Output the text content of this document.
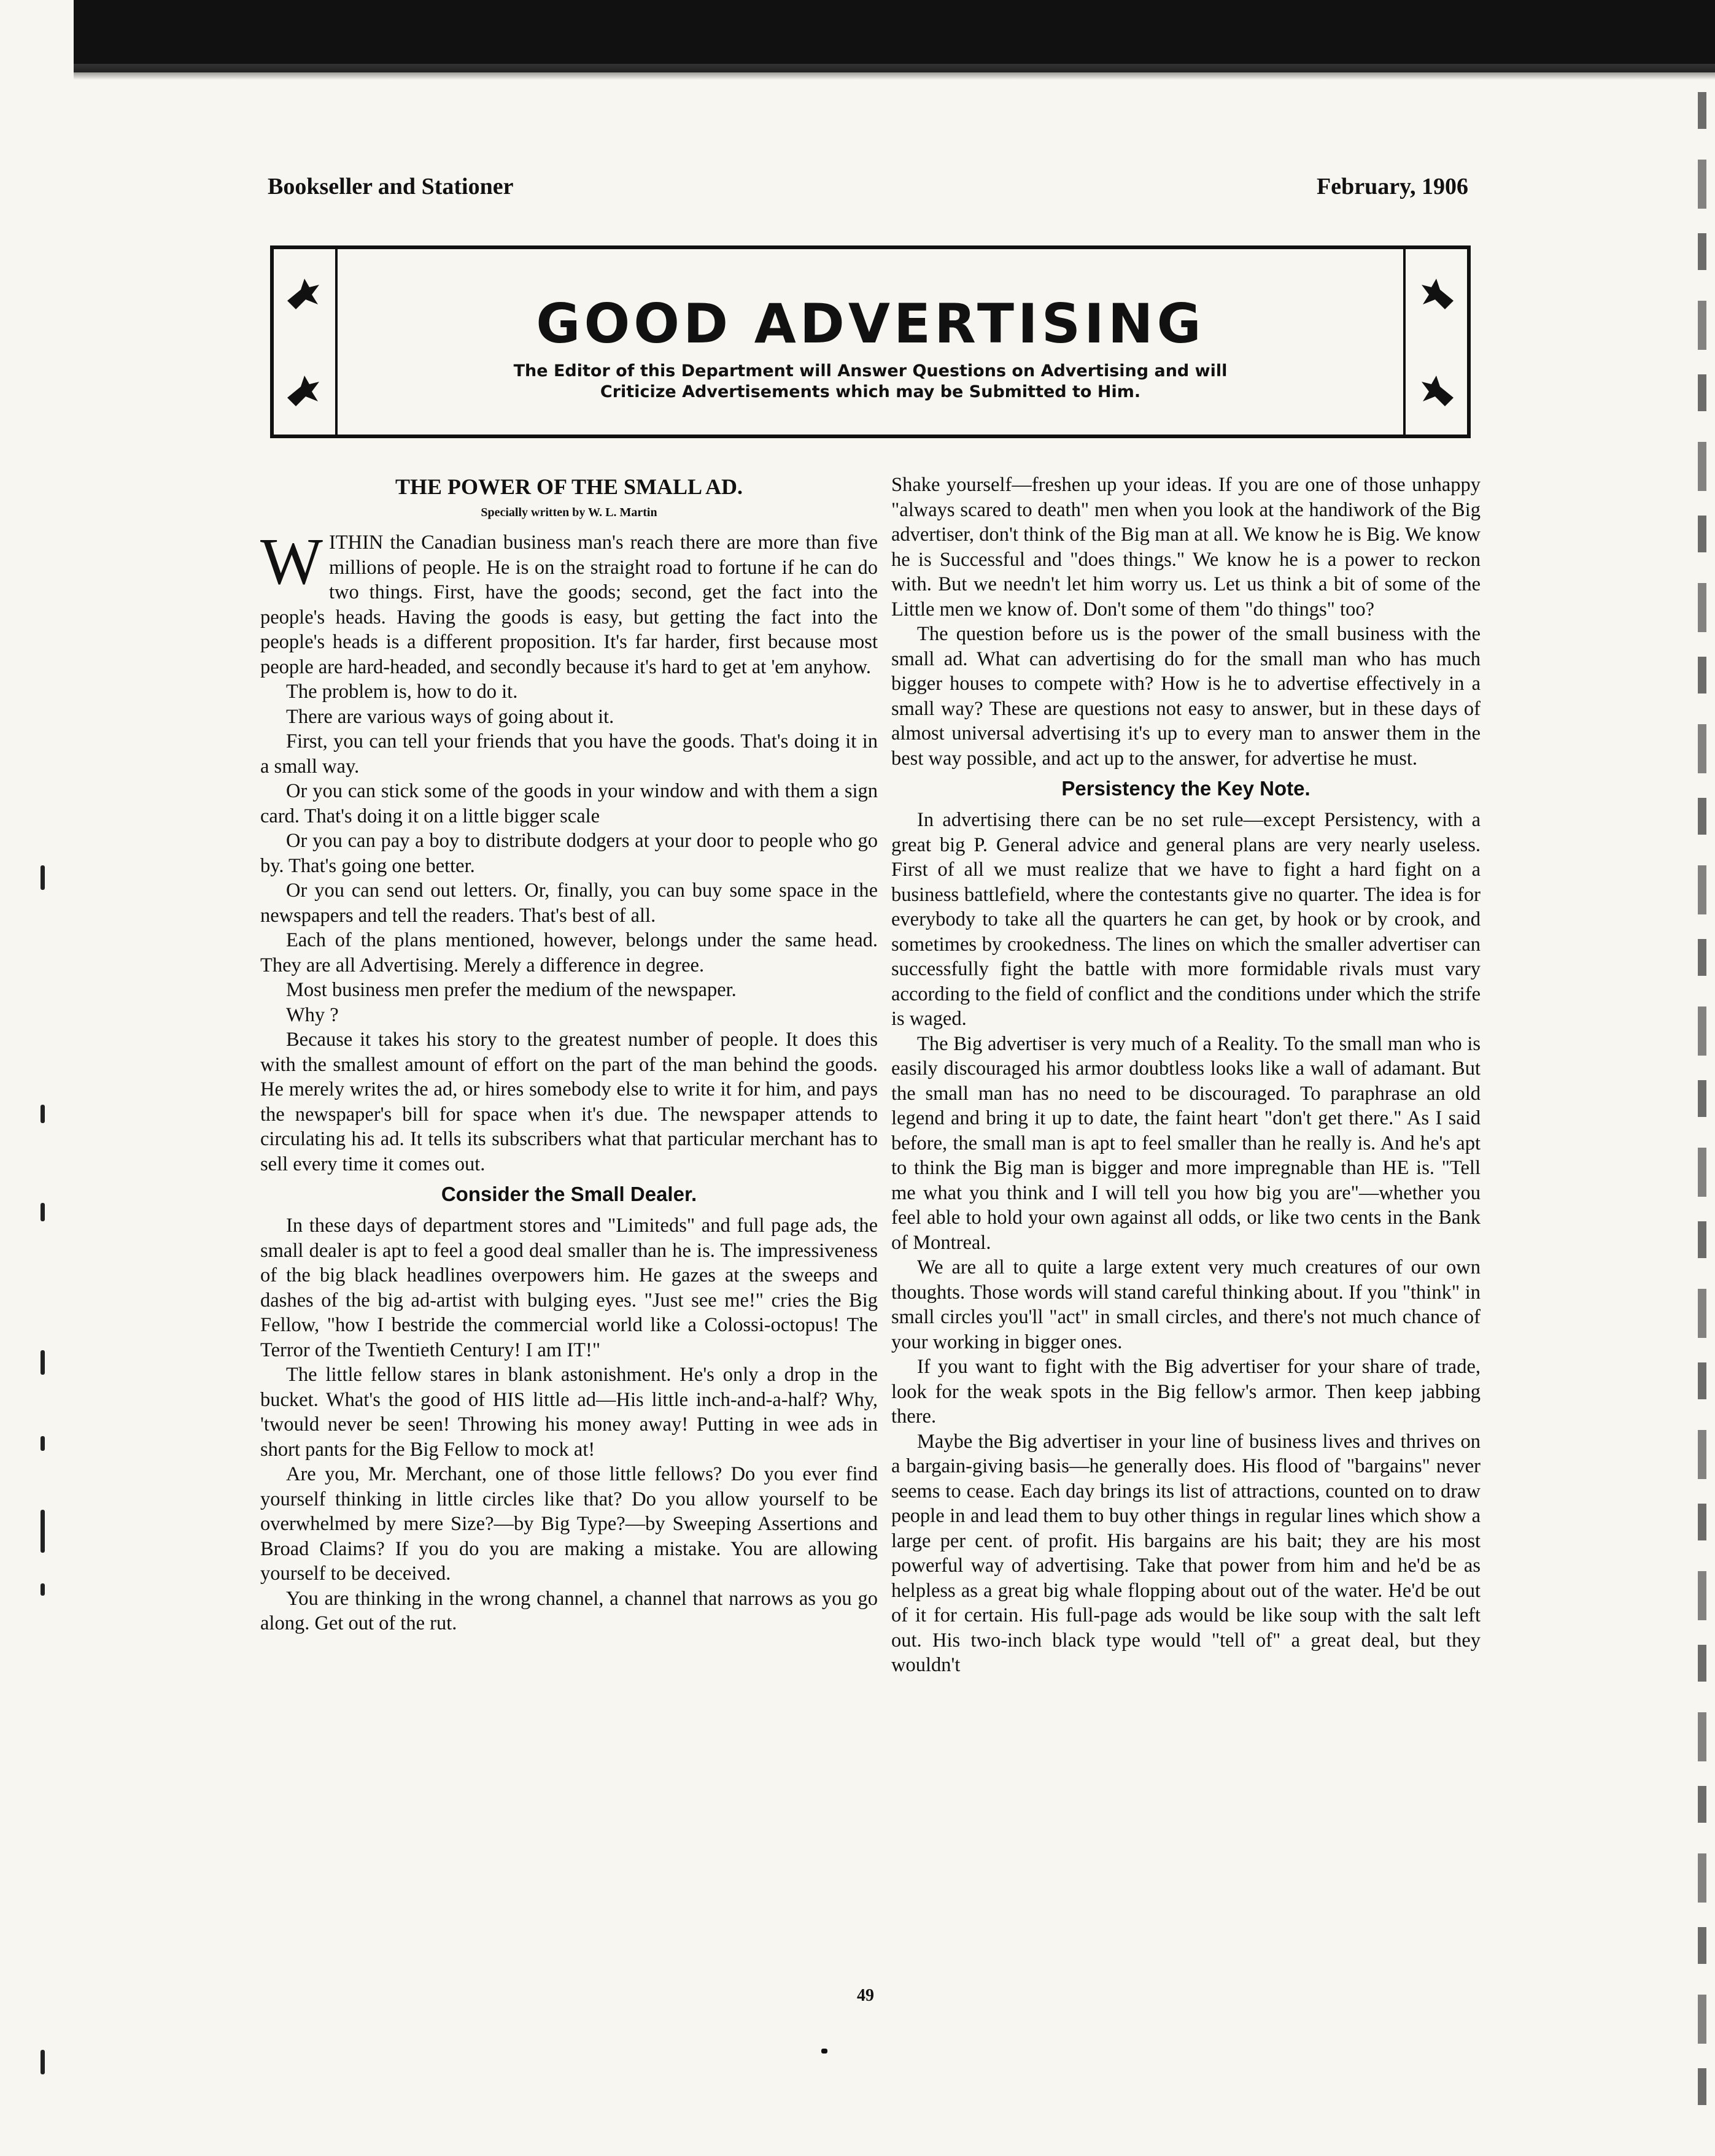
Bookseller and Stationer	February, 1906
GOOD ADVERTISING
The Editor of this Department will Answer Questions on Advertising and will
Criticize Advertisements which may be Submitted to Him.
THE POWER OF THE SMALL AD.
Specially written by W. L. Martin

WITHIN the Canadian business man's reach there are more than five millions of people. He is on the straight road to fortune if he can do two things. First, have the goods; second, get the fact into the people's heads. Having the goods is easy, but getting the fact into the people's heads is a different proposition. It's far harder, first because most people are hard-headed, and secondly because it's hard to get at 'em anyhow.

The problem is, how to do it.

There are various ways of going about it.

First, you can tell your friends that you have the goods. That's doing it in a small way.

Or you can stick some of the goods in your window and with them a sign card. That's doing it on a little bigger scale

Or you can pay a boy to distribute dodgers at your door to people who go by. That's going one better.

Or you can send out letters. Or, finally, you can buy some space in the newspapers and tell the readers. That's best of all.

Each of the plans mentioned, however, belongs under the same head. They are all Advertising. Merely a difference in degree.

Most business men prefer the medium of the newspaper.

Why ?

Because it takes his story to the greatest number of people. It does this with the smallest amount of effort on the part of the man behind the goods. He merely writes the ad, or hires somebody else to write it for him, and pays the newspaper's bill for space when it's due. The newspaper attends to circulating his ad. It tells its subscribers what that particular merchant has to sell every time it comes out.

Consider the Small Dealer.

In these days of department stores and "Limiteds" and full page ads, the small dealer is apt to feel a good deal smaller than he is. The impressiveness of the big black headlines overpowers him. He gazes at the sweeps and dashes of the big ad-artist with bulging eyes. "Just see me!" cries the Big Fellow, "how I bestride the commercial world like a Colossi-octopus! The Terror of the Twentieth Century! I am IT!"

The little fellow stares in blank astonishment. He's only a drop in the bucket. What's the good of HIS little ad—His little inch-and-a-half? Why, 'twould never be seen! Throwing his money away! Putting in wee ads in short pants for the Big Fellow to mock at!

Are you, Mr. Merchant, one of those little fellows? Do you ever find yourself thinking in little circles like that? Do you allow yourself to be overwhelmed by mere Size?—by Big Type?—by Sweeping Assertions and Broad Claims? If you do you are making a mistake. You are allowing yourself to be deceived.

You are thinking in the wrong channel, a channel that narrows as you go along. Get out of the rut.

Shake yourself—freshen up your ideas. If you are one of those unhappy "always scared to death" men when you look at the handiwork of the Big advertiser, don't think of the Big man at all. We know he is Big. We know he is Successful and "does things." We know he is a power to reckon with. But we needn't let him worry us. Let us think a bit of some of the Little men we know of. Don't some of them "do things" too?

The question before us is the power of the small business with the small ad. What can advertising do for the small man who has much bigger houses to compete with? How is he to advertise effectively in a small way? These are questions not easy to answer, but in these days of almost universal advertising it's up to every man to answer them in the best way possible, and act up to the answer, for advertise he must.

Persistency the Key Note.

In advertising there can be no set rule—except Persistency, with a great big P. General advice and general plans are very nearly useless. First of all we must realize that we have to fight a hard fight on a business battlefield, where the contestants give no quarter. The idea is for everybody to take all the quarters he can get, by hook or by crook, and sometimes by crookedness. The lines on which the smaller advertiser can successfully fight the battle with more formidable rivals must vary according to the field of conflict and the conditions under which the strife is waged.

The Big advertiser is very much of a Reality. To the small man who is easily discouraged his armor doubtless looks like a wall of adamant. But the small man has no need to be discouraged. To paraphrase an old legend and bring it up to date, the faint heart "don't get there." As I said before, the small man is apt to feel smaller than he really is. And he's apt to think the Big man is bigger and more impregnable than HE is. "Tell me what you think and I will tell you how big you are"—whether you feel able to hold your own against all odds, or like two cents in the Bank of Montreal.

We are all to quite a large extent very much creatures of our own thoughts. Those words will stand careful thinking about. If you "think" in small circles you'll "act" in small circles, and there's not much chance of your working in bigger ones.

If you want to fight with the Big advertiser for your share of trade, look for the weak spots in the Big fellow's armor. Then keep jabbing there.

Maybe the Big advertiser in your line of business lives and thrives on a bargain-giving basis—he generally does. His flood of "bargains" never seems to cease. Each day brings its list of attractions, counted on to draw people in and lead them to buy other things in regular lines which show a large per cent. of profit. His bargains are his bait; they are his most powerful way of advertising. Take that power from him and he'd be as helpless as a great big whale flopping about out of the water. He'd be out of it for certain. His full-page ads would be like soup with the salt left out. His two-inch black type would "tell of" a great deal, but they wouldn't

49
